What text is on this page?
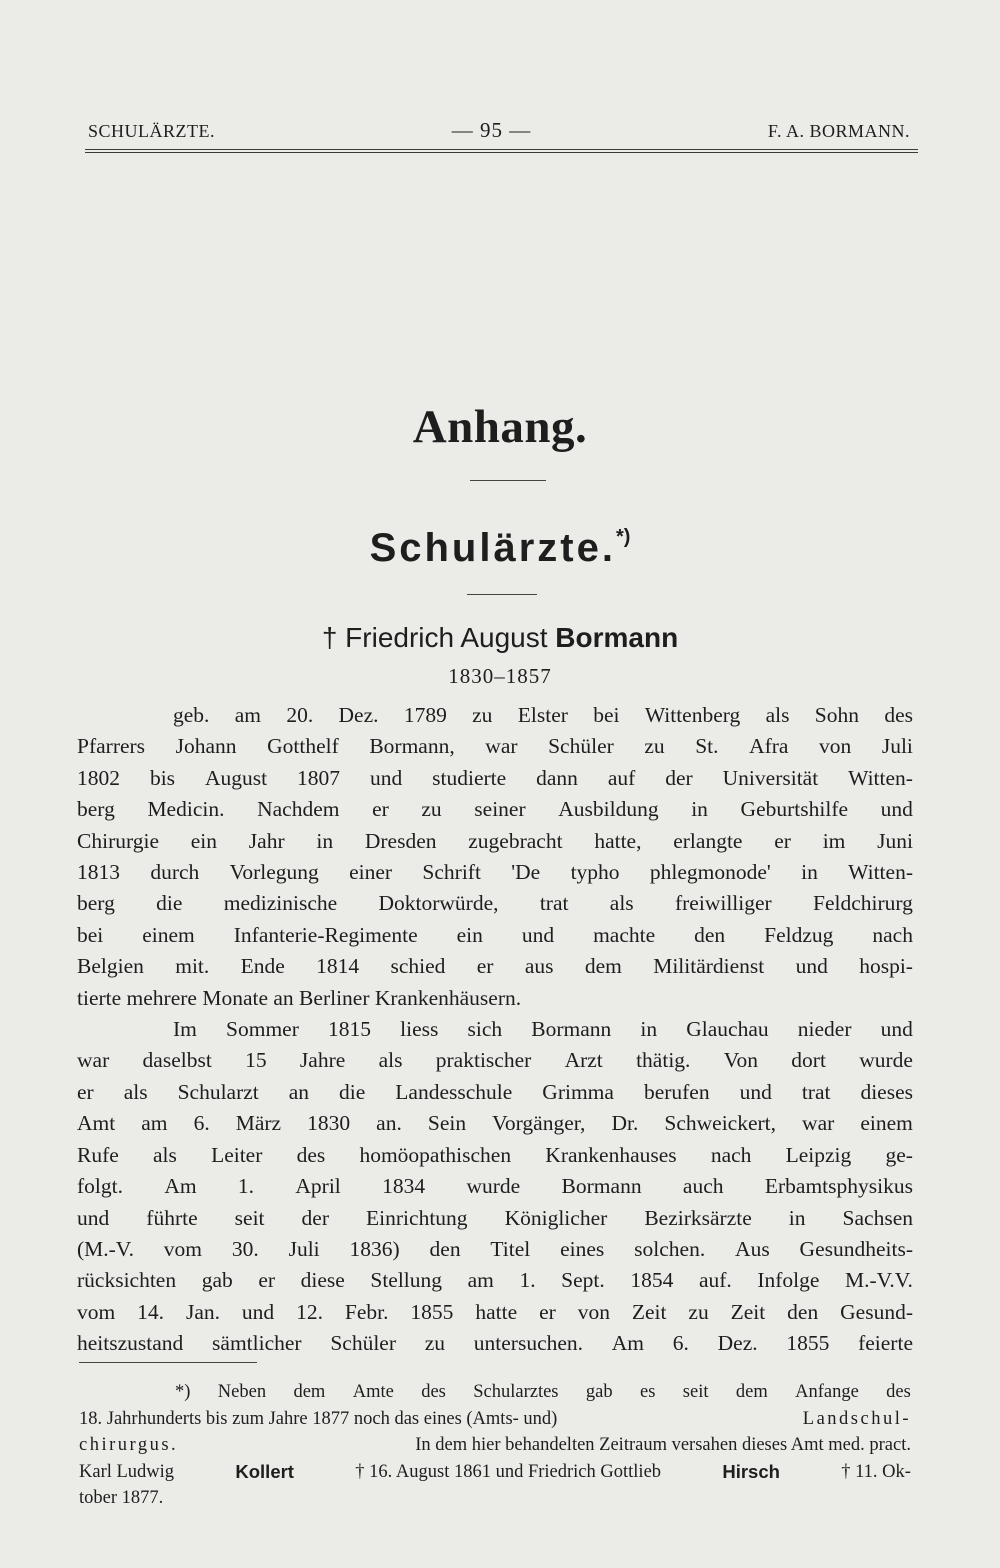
SCHULÄRZTE.	— 95 —	F. A. BORMANN.
Anhang.
Schulärzte.*)
† Friedrich August Bormann
1830–1857
geb. am 20. Dez. 1789 zu Elster bei Wittenberg als Sohn des
Pfarrers Johann Gotthelf Bormann, war Schüler zu St. Afra von Juli
1802 bis August 1807 und studierte dann auf der Universität Witten-
berg Medicin. Nachdem er zu seiner Ausbildung in Geburtshilfe und
Chirurgie ein Jahr in Dresden zugebracht hatte, erlangte er im Juni
1813 durch Vorlegung einer Schrift 'De typho phlegmonode' in Witten-
berg die medizinische Doktorwürde, trat als freiwilliger Feldchirurg
bei einem Infanterie-Regimente ein und machte den Feldzug nach
Belgien mit. Ende 1814 schied er aus dem Militärdienst und hospi-
tierte mehrere Monate an Berliner Krankenhäusern.
Im Sommer 1815 liess sich Bormann in Glauchau nieder und
war daselbst 15 Jahre als praktischer Arzt thätig. Von dort wurde
er als Schularzt an die Landesschule Grimma berufen und trat dieses
Amt am 6. März 1830 an. Sein Vorgänger, Dr. Schweickert, war einem
Rufe als Leiter des homöopathischen Krankenhauses nach Leipzig ge-
folgt. Am 1. April 1834 wurde Bormann auch Erbamtsphysikus
und führte seit der Einrichtung Königlicher Bezirksärzte in Sachsen
(M.-V. vom 30. Juli 1836) den Titel eines solchen. Aus Gesundheits-
rücksichten gab er diese Stellung am 1. Sept. 1854 auf. Infolge M.-V.V.
vom 14. Jan. und 12. Febr. 1855 hatte er von Zeit zu Zeit den Gesund-
heitszustand sämtlicher Schüler zu untersuchen. Am 6. Dez. 1855 feierte
*) Neben dem Amte des Schularztes gab es seit dem Anfange des
18. Jahrhunderts bis zum Jahre 1877 noch das eines (Amts- und)	Landschul-
chirurgus.	In dem hier behandelten Zeitraum versahen dieses Amt med. pract.
Karl Ludwig	Kollert	† 16. August 1861 und Friedrich Gottlieb	Hirsch	† 11. Ok-
tober 1877.
